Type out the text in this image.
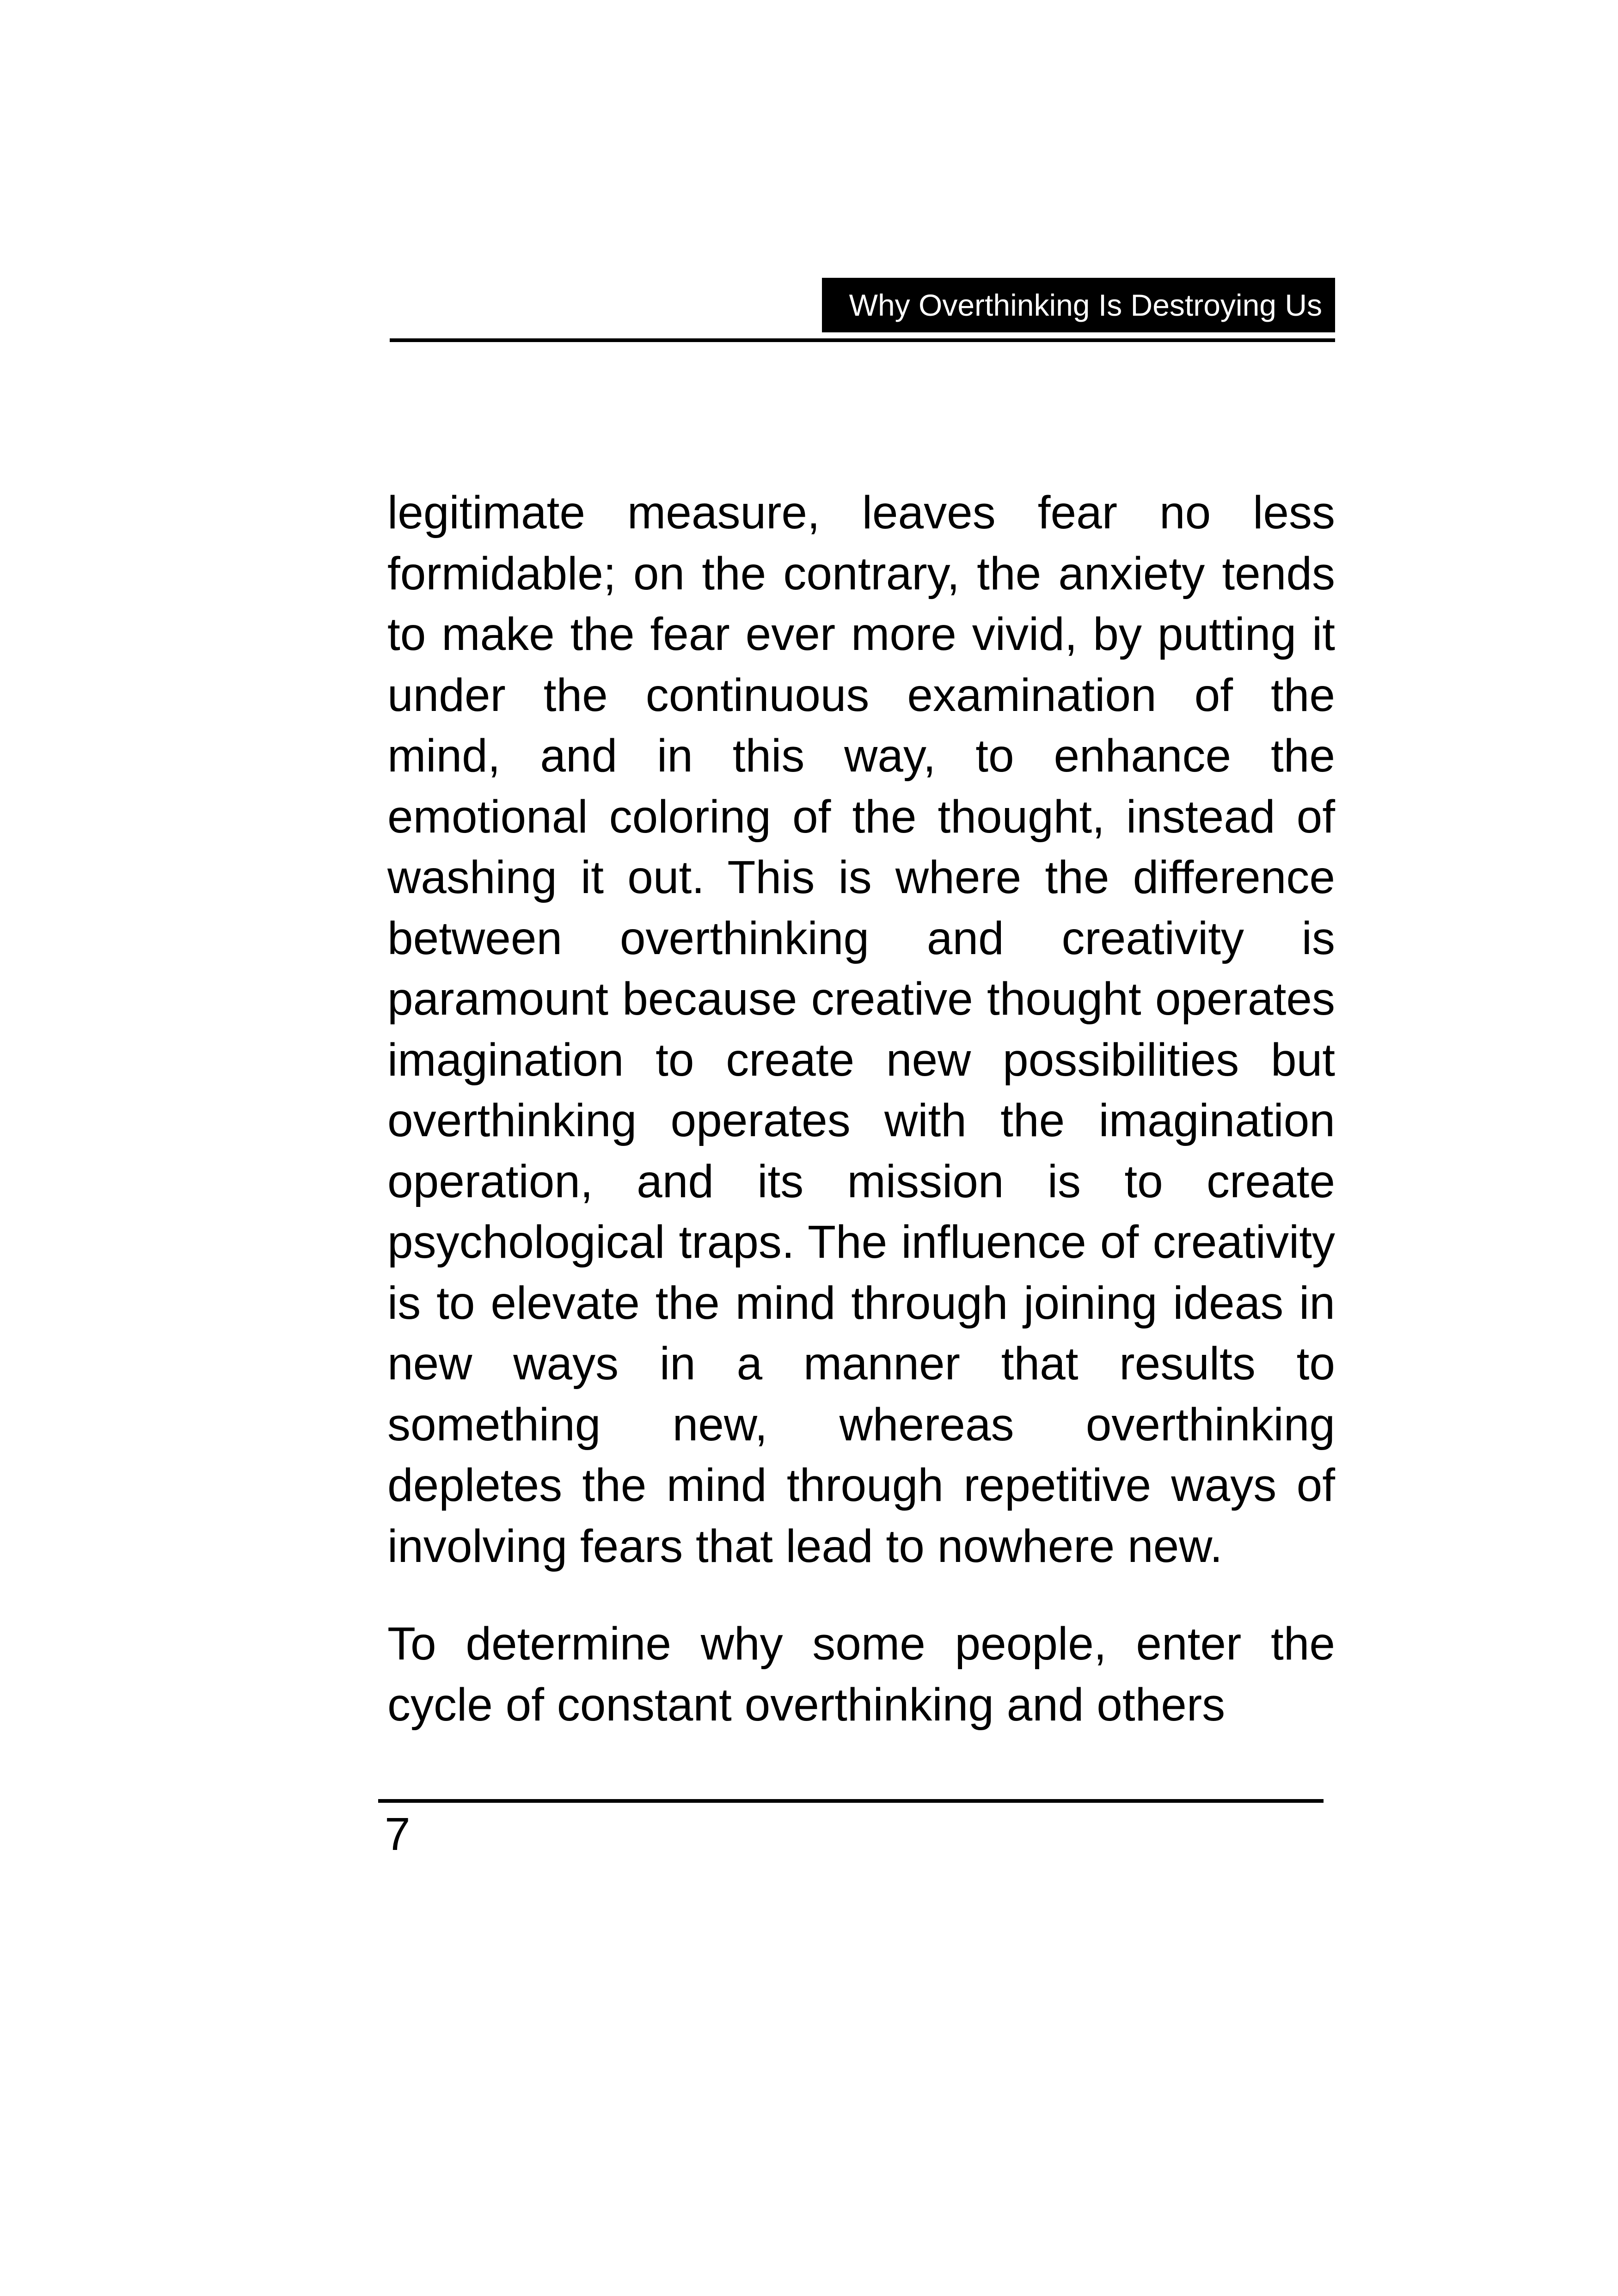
Why Overthinking Is Destroying Us

legitimate measure, leaves fear no less formidable; on the contrary, the anxiety tends to make the fear ever more vivid, by putting it under the continuous examination of the mind, and in this way, to enhance the emotional coloring of the thought, instead of washing it out. This is where the difference between overthinking and creativity is paramount because creative thought operates imagination to create new possibilities but overthinking operates with the imagination operation, and its mission is to create psychological traps. The influence of creativity is to elevate the mind through joining ideas in new ways in a manner that results to something new, whereas overthinking depletes the mind through repetitive ways of involving fears that lead to nowhere new.

To determine why some people, enter the cycle of constant overthinking and others

7
